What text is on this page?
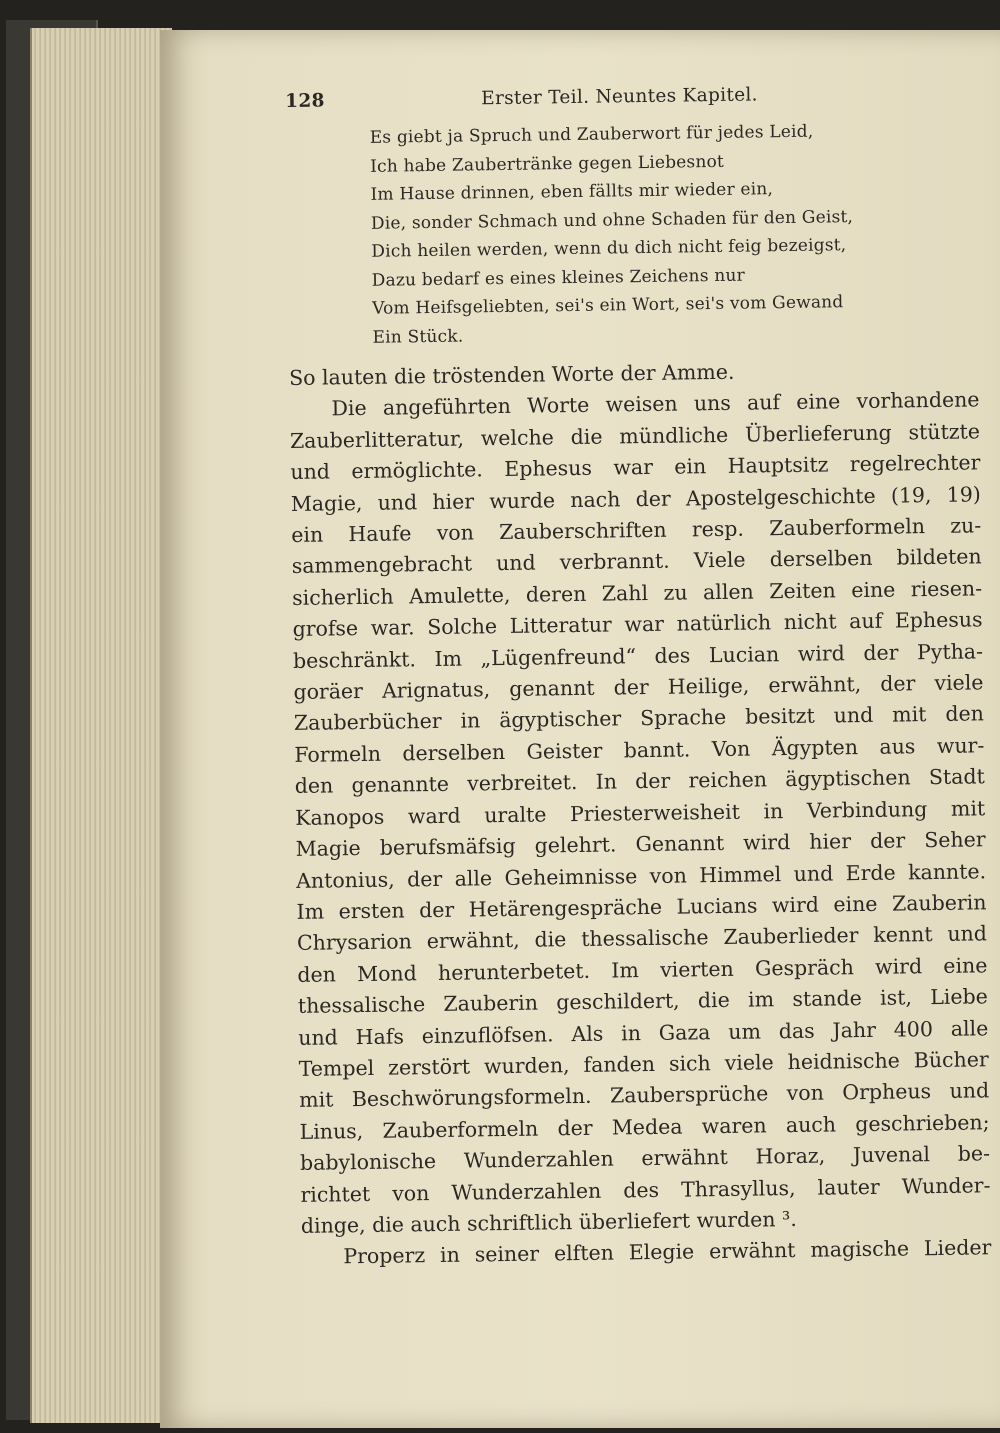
128	Erster Teil. Neuntes Kapitel.
Es giebt ja Spruch und Zauberwort für jedes Leid,
Ich habe Zaubertränke gegen Liebesnot
Im Hause drinnen, eben fällts mir wieder ein,
Die, sonder Schmach und ohne Schaden für den Geist,
Dich heilen werden, wenn du dich nicht feig bezeigst,
Dazu bedarf es eines kleines Zeichens nur
Vom Heifsgeliebten, sei's ein Wort, sei's vom Gewand
Ein Stück.
So lauten die tröstenden Worte der Amme.
Die angeführten Worte weisen uns auf eine vorhandene
Zauberlitteratur, welche die mündliche Überlieferung stützte
und ermöglichte. Ephesus war ein Hauptsitz regelrechter
Magie, und hier wurde nach der Apostelgeschichte (19, 19)
ein Haufe von Zauberschriften resp. Zauberformeln zu-
sammengebracht und verbrannt. Viele derselben bildeten
sicherlich Amulette, deren Zahl zu allen Zeiten eine riesen-
grofse war. Solche Litteratur war natürlich nicht auf Ephesus
beschränkt. Im „Lügenfreund“ des Lucian wird der Pytha-
goräer Arignatus, genannt der Heilige, erwähnt, der viele
Zauberbücher in ägyptischer Sprache besitzt und mit den
Formeln derselben Geister bannt. Von Ägypten aus wur-
den genannte verbreitet. In der reichen ägyptischen Stadt
Kanopos ward uralte Priesterweisheit in Verbindung mit
Magie berufsmäfsig gelehrt. Genannt wird hier der Seher
Antonius, der alle Geheimnisse von Himmel und Erde kannte.
Im ersten der Hetärengespräche Lucians wird eine Zauberin
Chrysarion erwähnt, die thessalische Zauberlieder kennt und
den Mond herunterbetet. Im vierten Gespräch wird eine
thessalische Zauberin geschildert, die im stande ist, Liebe
und Hafs einzuflöfsen. Als in Gaza um das Jahr 400 alle
Tempel zerstört wurden, fanden sich viele heidnische Bücher
mit Beschwörungsformeln. Zaubersprüche von Orpheus und
Linus, Zauberformeln der Medea waren auch geschrieben;
babylonische Wunderzahlen erwähnt Horaz, Juvenal be-
richtet von Wunderzahlen des Thrasyllus, lauter Wunder-
dinge, die auch schriftlich überliefert wurden ³.
Properz in seiner elften Elegie erwähnt magische Lieder
